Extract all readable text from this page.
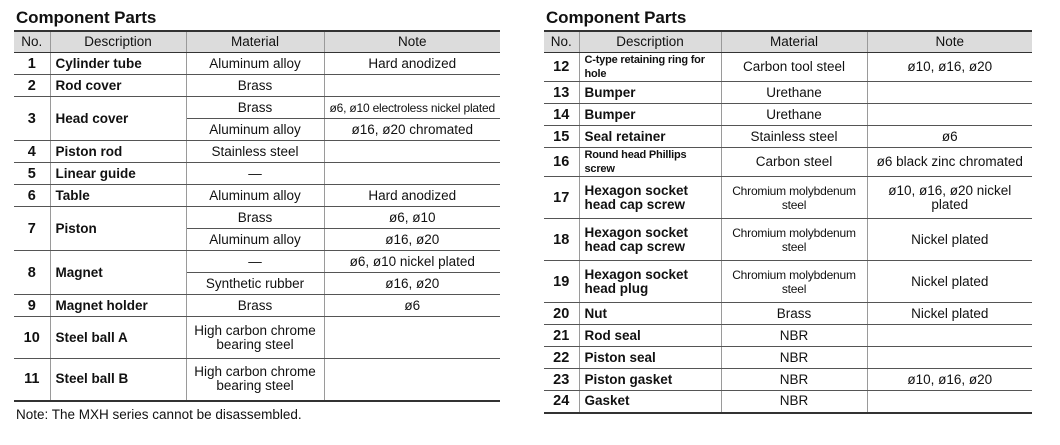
Component Parts
No.	Description	Material	Note
1	Cylinder tube	Aluminum alloy	Hard anodized
2	Rod cover	Brass	
3	Head cover	Brass	ø6, ø10 electroless nickel plated
		Aluminum alloy	ø16, ø20 chromated
4	Piston rod	Stainless steel	
5	Linear guide	—	
6	Table	Aluminum alloy	Hard anodized
7	Piston	Brass	ø6, ø10
		Aluminum alloy	ø16, ø20
8	Magnet	—	ø6, ø10 nickel plated
		Synthetic rubber	ø16, ø20
9	Magnet holder	Brass	ø6
10	Steel ball A	High carbon chrome bearing steel	
11	Steel ball B	High carbon chrome bearing steel	
Component Parts
No.	Description	Material	Note
12	C-type retaining ring for hole	Carbon tool steel	ø10, ø16, ø20
13	Bumper	Urethane	
14	Bumper	Urethane	
15	Seal retainer	Stainless steel	ø6
16	Round head Phillips screw	Carbon steel	ø6 black zinc chromated
17	Hexagon socket head cap screw	Chromium molybdenum steel	ø10, ø16, ø20 nickel plated
18	Hexagon socket head cap screw	Chromium molybdenum steel	Nickel plated
19	Hexagon socket head plug	Chromium molybdenum steel	Nickel plated
20	Nut	Brass	Nickel plated
21	Rod seal	NBR	
22	Piston seal	NBR	
23	Piston gasket	NBR	ø10, ø16, ø20
24	Gasket	NBR	
Note: The MXH series cannot be disassembled.
